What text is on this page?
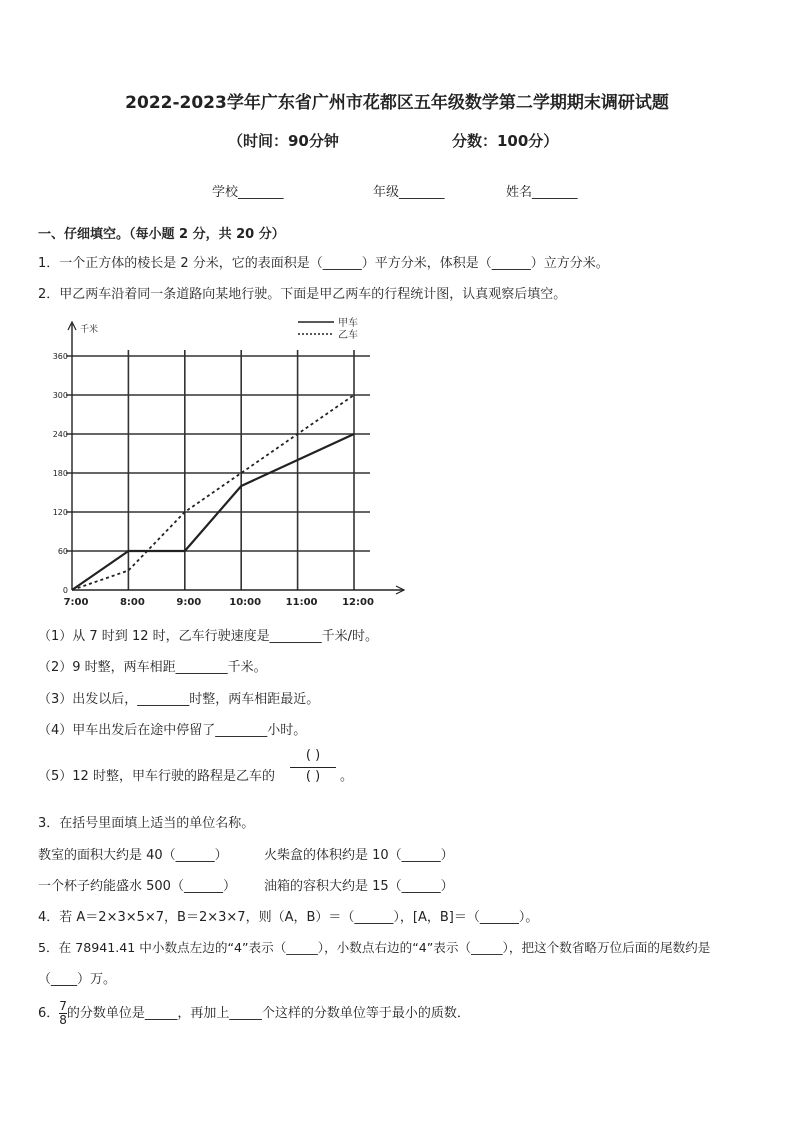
2022-2023学年广东省广州市花都区五年级数学第二学期期末调研试题
（时间：90分钟	分数：100分）
学校_______	年级_______	姓名_______
一、仔细填空。（每小题 2 分，共 20 分）
1．一个正方体的棱长是 2 分米，它的表面积是（______）平方分米，体积是（______）立方分米。
2．甲乙两车沿着同一条道路向某地行驶。下面是甲乙两车的行程统计图，认真观察后填空。
千米
0
60
120
180
240
300
360
7:00	8:00	9:00	10:00 11:00 12:00
甲车
乙车
（1）从 7 时到 12 时，乙车行驶速度是________千米/时。
（2）9 时整，两车相距________千米。
（3）出发以后，________时整，两车相距最近。
（4）甲车出发后在途中停留了________小时。
（5）12 时整，甲车行驶的路程是乙车的
( )
( )	。
3．在括号里面填上适当的单位名称。
教室的面积大约是 40（______）	火柴盒的体积约是 10（______）
一个杯子约能盛水 500（______） 油箱的容积大约是 15（______）
4．若 A＝2×3×5×7，B＝2×3×7，则（A，B）＝（______），[A，B]＝（______）。
5．在 78941.41 中小数点左边的“4”表示（_____），小数点右边的“4”表示（_____），把这个数省略万位后面的尾数约是
（____）万。
6． $\frac{7}{8}$ 的分数单位是_____，再加上_____个这样的分数单位等于最小的质数．
